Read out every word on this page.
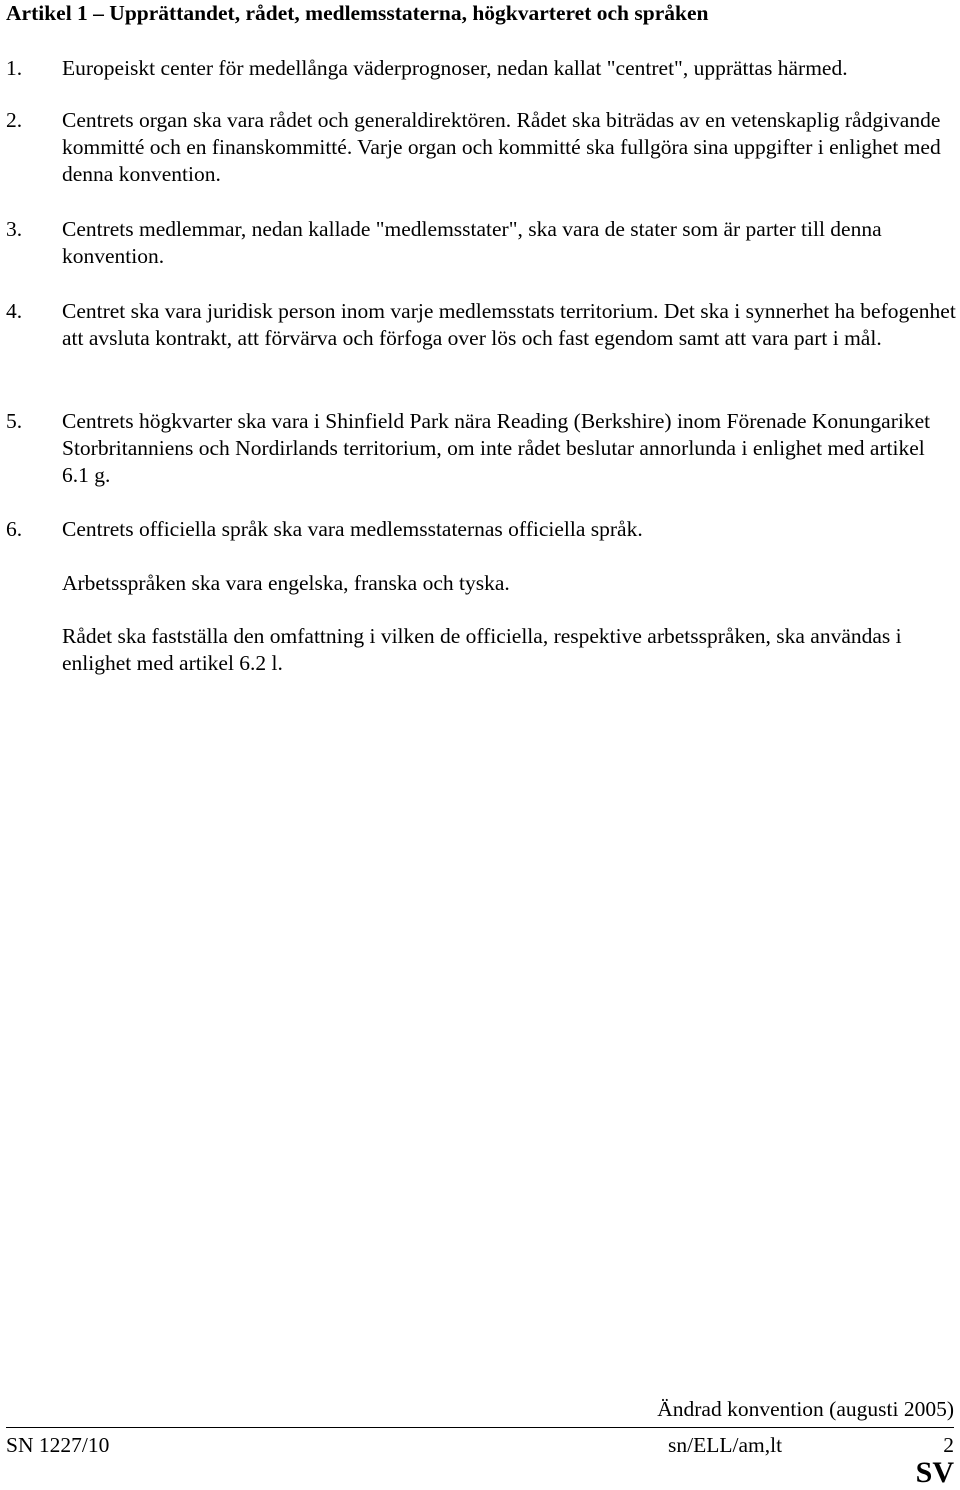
Artikel 1 – Upprättandet, rådet, medlemsstaterna, högkvarteret och språken
1.	Europeiskt center för medellånga väderprognoser, nedan kallat "centret", upprättas härmed.
2.	Centrets organ ska vara rådet och generaldirektören. Rådet ska biträdas av en vetenskaplig rådgivande kommitté och en finanskommitté. Varje organ och kommitté ska fullgöra sina uppgifter i enlighet med denna konvention.
3.	Centrets medlemmar, nedan kallade "medlemsstater", ska vara de stater som är parter till denna konvention.
4.	Centret ska vara juridisk person inom varje medlemsstats territorium. Det ska i synnerhet ha befogenhet att avsluta kontrakt, att förvärva och förfoga over lös och fast egendom samt att vara part i mål.
5.	Centrets högkvarter ska vara i Shinfield Park nära Reading (Berkshire) inom Förenade Konungariket Storbritanniens och Nordirlands territorium, om inte rådet beslutar annorlunda i enlighet med artikel 6.1 g.
6.	Centrets officiella språk ska vara medlemsstaternas officiella språk.
Arbetsspråken ska vara engelska, franska och tyska.
Rådet ska fastställa den omfattning i vilken de officiella, respektive arbetsspråken, ska användas i enlighet med artikel 6.2 l.
Ändrad konvention (augusti 2005)
SN 1227/10	sn/ELL/am,lt	2
SV
